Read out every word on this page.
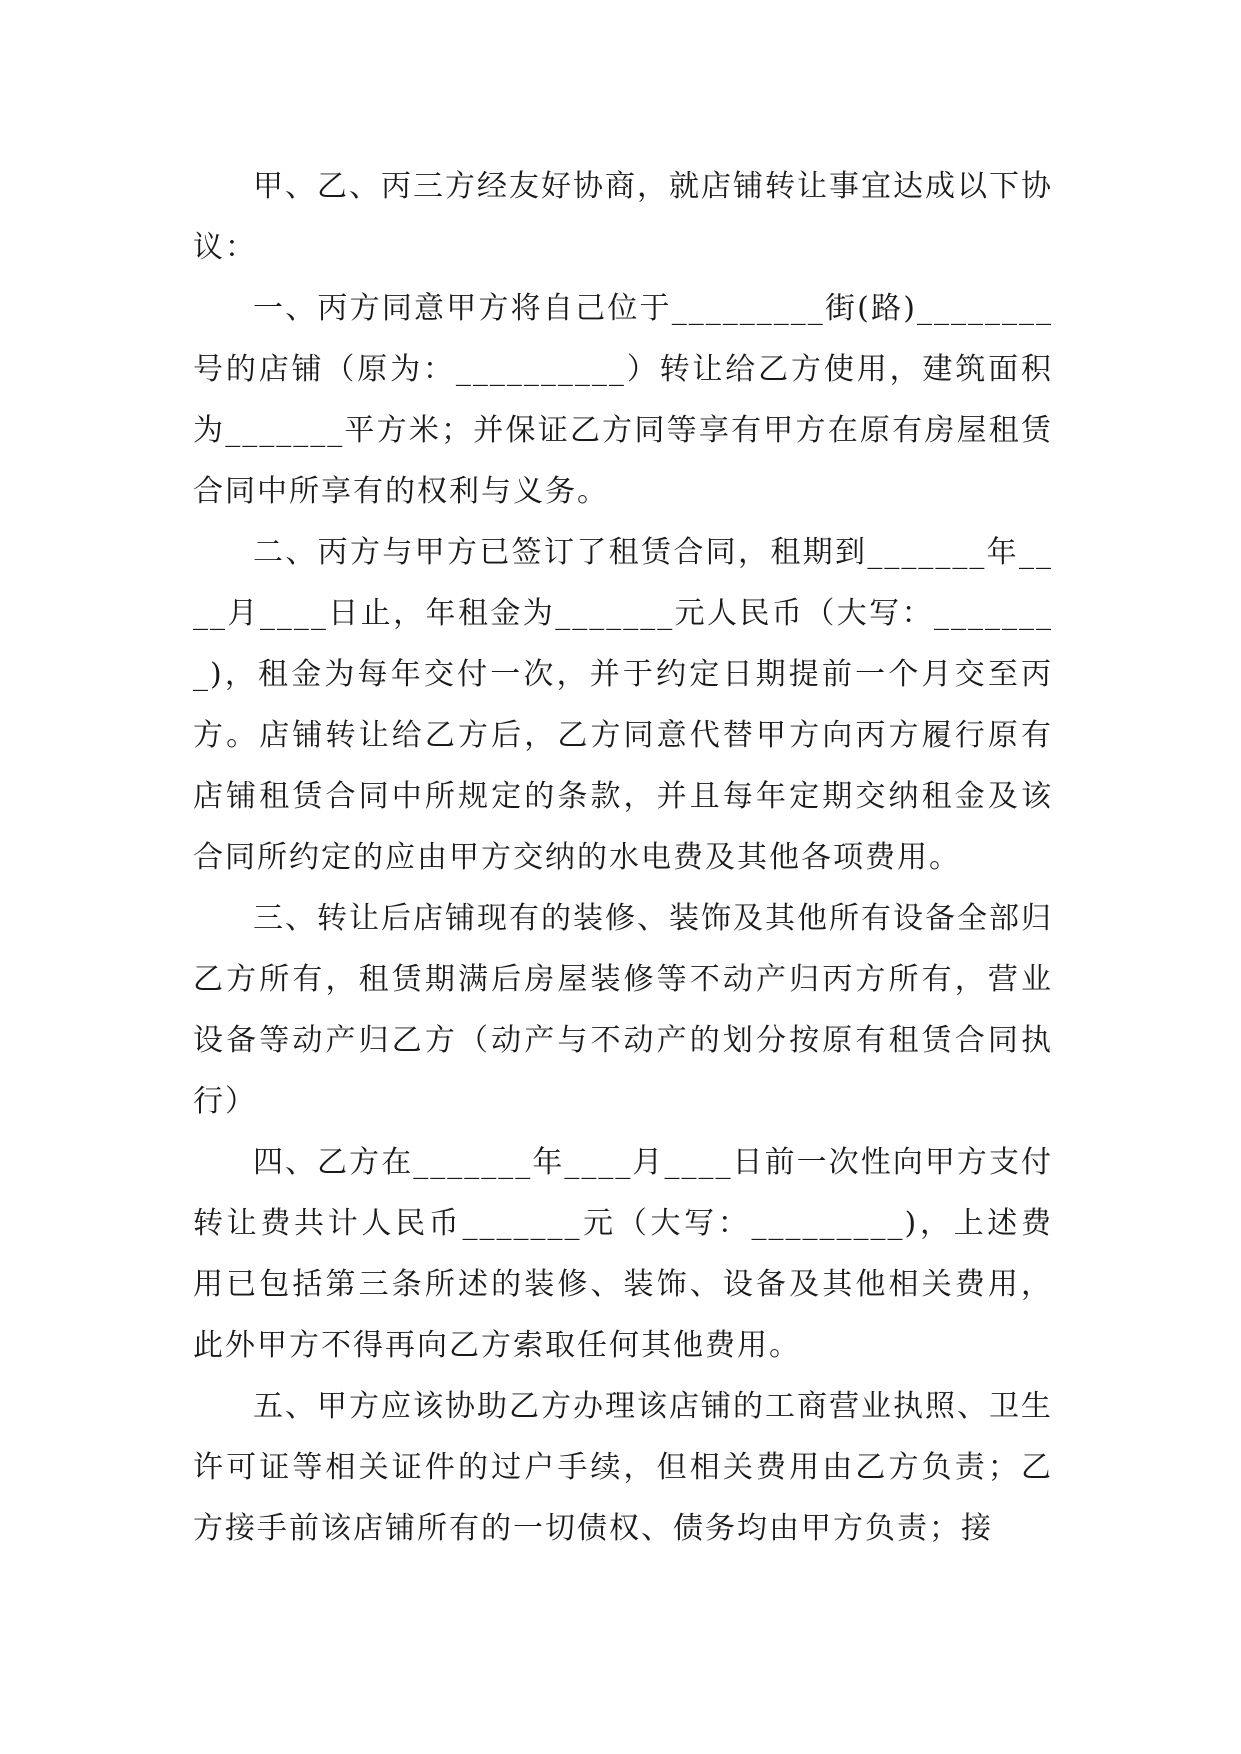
甲、乙、丙三方经友好协商，就店铺转让事宜达成以下协议：

一、丙方同意甲方将自己位于_________街(路)________号的店铺（原为：__________）转让给乙方使用，建筑面积为_______平方米；并保证乙方同等享有甲方在原有房屋租赁合同中所享有的权利与义务。

二、丙方与甲方已签订了租赁合同，租期到_______年____月____日止，年租金为_______元人民币（大写：________)，租金为每年交付一次，并于约定日期提前一个月交至丙方。店铺转让给乙方后，乙方同意代替甲方向丙方履行原有店铺租赁合同中所规定的条款，并且每年定期交纳租金及该合同所约定的应由甲方交纳的水电费及其他各项费用。

三、转让后店铺现有的装修、装饰及其他所有设备全部归乙方所有，租赁期满后房屋装修等不动产归丙方所有，营业设备等动产归乙方（动产与不动产的划分按原有租赁合同执行）

四、乙方在_______年____月____日前一次性向甲方支付转让费共计人民币_______元（大写：_________)，上述费用已包括第三条所述的装修、装饰、设备及其他相关费用，此外甲方不得再向乙方索取任何其他费用。

五、甲方应该协助乙方办理该店铺的工商营业执照、卫生许可证等相关证件的过户手续，但相关费用由乙方负责；乙方接手前该店铺所有的一切债权、债务均由甲方负责；接
